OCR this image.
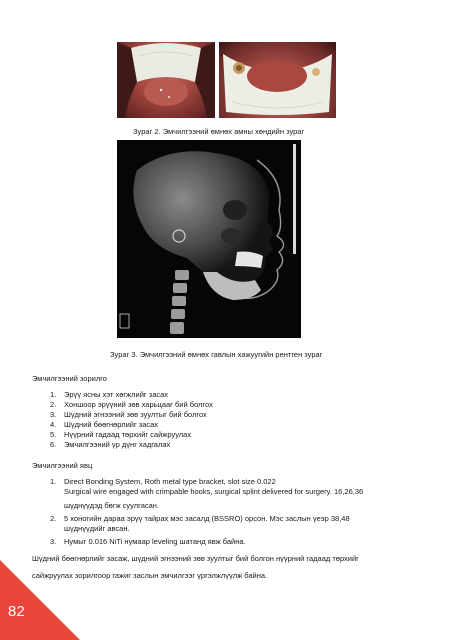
Зураг 2. Эмчилгээний өмнөх амны хөндийн зураг
Зураг 3. Эмчилгээний өмнөх гавлын хажуугийн рентген зураг
Эмчилгээний зорилго
1.	Эрүү ясны хэт хөгжлийг засах
2.	Хоншоор эрүүний зөв харьцааг бий болгох
3.	Шүдний эгнээний зөв зуултыг бий болгох
4.	Шүдний бөөгнөрлийг засах
5.	Нүүрний гадаад төрхийг сайжруулах
6.	Эмчилгээний үр дүнг хадгалах
Эмчилгээний явц
1.	Direct Bonding System, Roth metal type bracket, slot size 0.022
Surgical wire engaged with crimpable hooks, surgical splint delivered for surgery. 16,26,36
шүднүүдэд бөгж суулгасан.
2.	5 хоногийн дараа эрүү тайрах мэс засалд (BSSRO) орсон. Мэс заслын үеэр 38,48
шүднүүдийг авсан.
3.	Нумыг 0.016 NiTi нумаар leveling шатанд явж байна.
Шүдний бөөгнөрлийг засаж, шүдний эгнээний зөв зуултыг бий болгон нүүрний гадаад төрхийг
сайжруулах зорилгоор гажиг заслын эмчилгээг үргэлжлүүлж байна.
82
